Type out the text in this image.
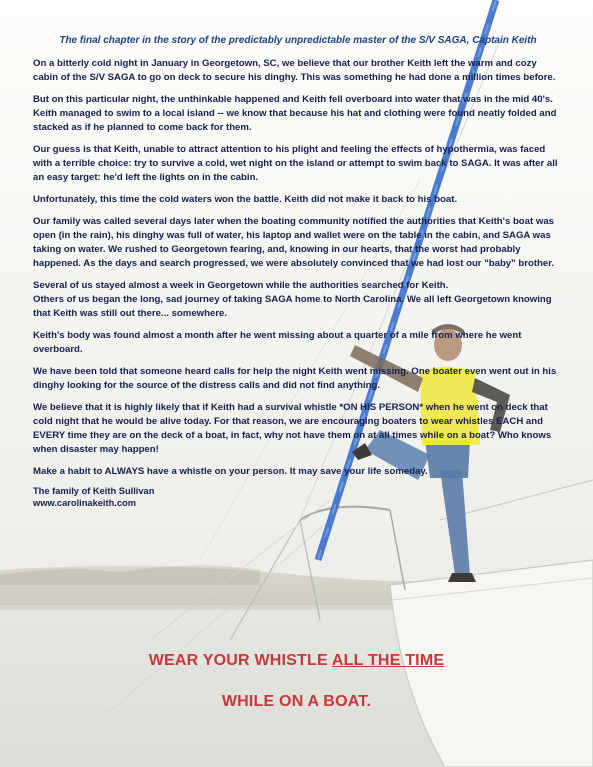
The final chapter in the story of the predictably unpredictable master of the S/V SAGA, Captain Keith

On a bitterly cold night in January in Georgetown, SC, we believe that our brother Keith left the warm and cozy cabin of the S/V SAGA to go on deck to secure his dinghy. This was something he had done a million times before.

But on this particular night, the unthinkable happened and Keith fell overboard into water that was in the mid 40's. Keith managed to swim to a local island -- we know that because his hat and clothing were found neatly folded and stacked as if he planned to come back for them.

Our guess is that Keith, unable to attract attention to his plight and feeling the effects of hypothermia, was faced with a terrible choice: try to survive a cold, wet night on the island or attempt to swim back to SAGA. It was after all an easy target: he'd left the lights on in the cabin.

Unfortunately, this time the cold waters won the battle. Keith did not make it back to his boat.

Our family was called several days later when the boating community notified the authorities that Keith's boat was open (in the rain), his dinghy was full of water, his laptop and wallet were on the table in the cabin, and SAGA was taking on water. We rushed to Georgetown fearing, and, knowing in our hearts, that the worst had probably happened. As the days and search progressed, we were absolutely convinced that we had lost our "baby" brother.

Several of us stayed almost a week in Georgetown while the authorities searched for Keith.

Others of us began the long, sad journey of taking SAGA home to North Carolina. We all left Georgetown knowing that Keith was still out there... somewhere.

Keith's body was found almost a month after he went missing about a quarter of a mile from where he went overboard.

We have been told that someone heard calls for help the night Keith went missing. One boater even went out in his dinghy looking for the source of the distress calls and did not find anything.

We believe that it is highly likely that if Keith had a survival whistle *ON HIS PERSON* when he went on deck that cold night that he would be alive today. For that reason, we are encouraging boaters to wear whistles EACH and EVERY time they are on the deck of a boat, in fact, why not have them on at all times while on a boat? Who knows when disaster may happen!

Make a habit to ALWAYS have a whistle on your person. It may save your life someday.

The family of Keith Sullivan

www.carolinakeith.com

WEAR YOUR WHISTLE ALL THE TIME
WHILE ON A BOAT.
